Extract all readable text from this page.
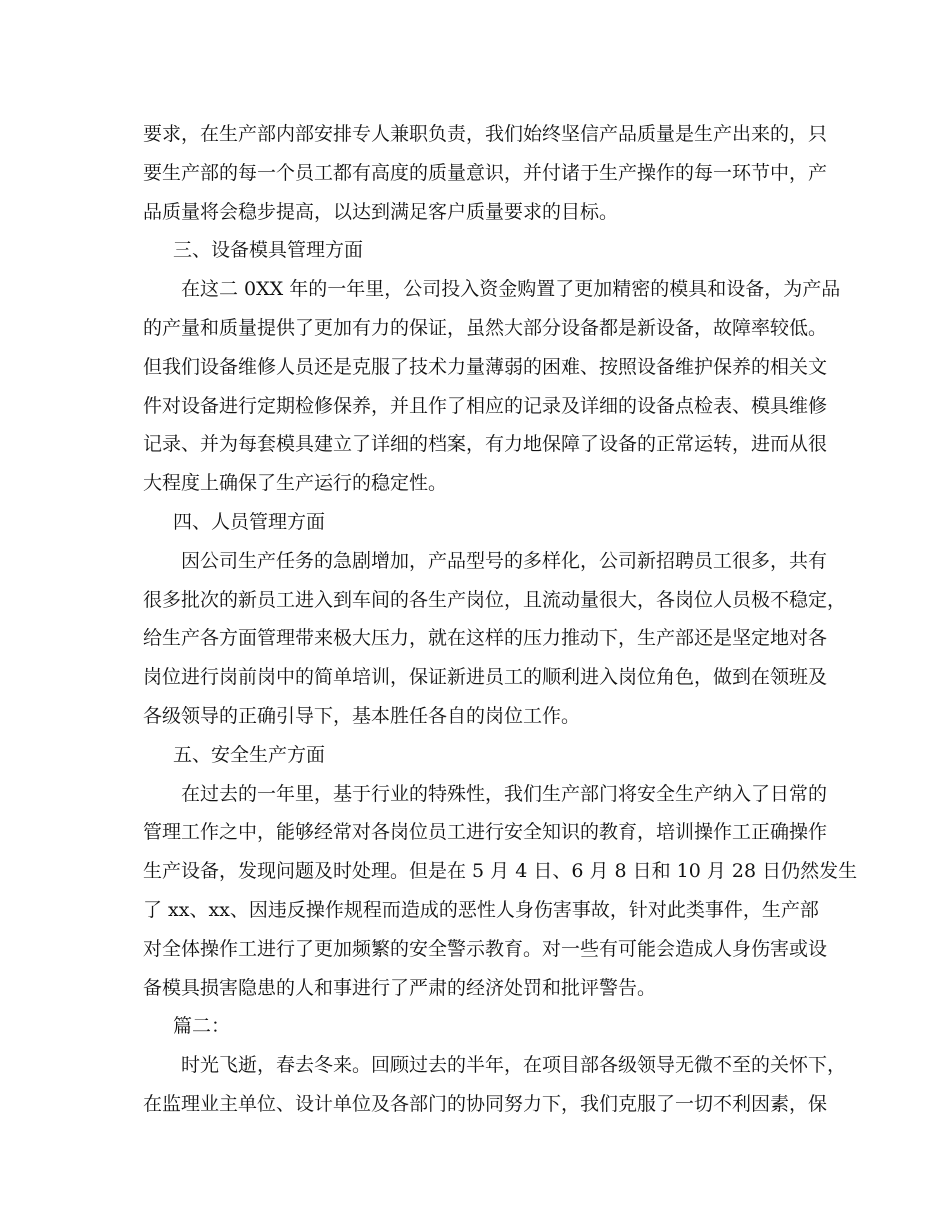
要求，在生产部内部安排专人兼职负责，我们始终坚信产品质量是生产出来的，只
要生产部的每一个员工都有高度的质量意识，并付诸于生产操作的每一环节中，产
品质量将会稳步提高，以达到满足客户质量要求的目标。
三、设备模具管理方面
在这二 0XX 年的一年里，公司投入资金购置了更加精密的模具和设备，为产品
的产量和质量提供了更加有力的保证，虽然大部分设备都是新设备，故障率较低。
但我们设备维修人员还是克服了技术力量薄弱的困难、按照设备维护保养的相关文
件对设备进行定期检修保养，并且作了相应的记录及详细的设备点检表、模具维修
记录、并为每套模具建立了详细的档案，有力地保障了设备的正常运转，进而从很
大程度上确保了生产运行的稳定性。
四、人员管理方面
因公司生产任务的急剧增加，产品型号的多样化，公司新招聘员工很多，共有
很多批次的新员工进入到车间的各生产岗位，且流动量很大，各岗位人员极不稳定，
给生产各方面管理带来极大压力，就在这样的压力推动下，生产部还是坚定地对各
岗位进行岗前岗中的简单培训，保证新进员工的顺利进入岗位角色，做到在领班及
各级领导的正确引导下，基本胜任各自的岗位工作。
五、安全生产方面
在过去的一年里，基于行业的特殊性，我们生产部门将安全生产纳入了日常的
管理工作之中，能够经常对各岗位员工进行安全知识的教育，培训操作工正确操作
生产设备，发现问题及时处理。但是在 5 月 4 日、6 月 8 日和 10 月 28 日仍然发生
了 xx、xx、因违反操作规程而造成的恶性人身伤害事故，针对此类事件，生产部
对全体操作工进行了更加频繁的安全警示教育。对一些有可能会造成人身伤害或设
备模具损害隐患的人和事进行了严肃的经济处罚和批评警告。
篇二：
时光飞逝，春去冬来。回顾过去的半年，在项目部各级领导无微不至的关怀下，
在监理业主单位、设计单位及各部门的协同努力下，我们克服了一切不利因素，保
